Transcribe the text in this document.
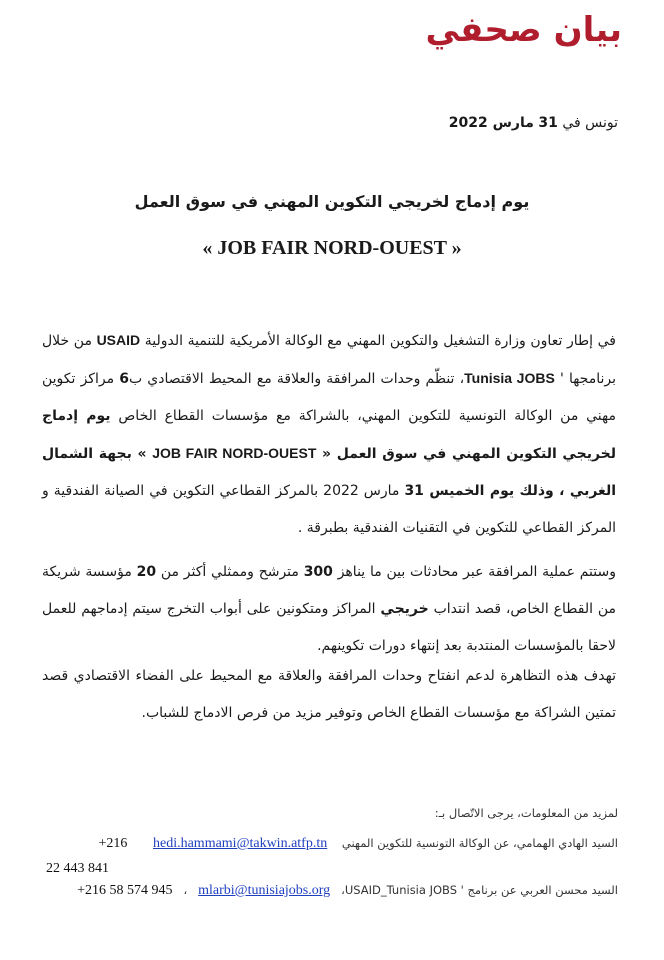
بيان صحفي
تونس في 31 مارس 2022
يوم إدماج لخريجي التكوين المهني في سوق العمل
« JOB FAIR NORD-OUEST »
في إطار تعاون وزارة التشغيل والتكوين المهني مع الوكالة الأمريكية للتنمية الدولية USAID من خلال برنامجها ' Tunisia JOBS، تنظّم وحدات المرافقة والعلاقة مع المحيط الاقتصادي ب6 مراكز تكوين مهني من الوكالة التونسية للتكوين المهني، بالشراكة مع مؤسسات القطاع الخاص يوم إدماج لخريجي التكوين المهني في سوق العمل « JOB FAIR NORD-OUEST » بجهة الشمال الغربي ، وذلك يوم الخميس 31 مارس 2022 بالمركز القطاعي التكوين في الصيانة الفندقية و المركز القطاعي للتكوين في التقنيات الفندقية بطبرقة .
وستتم عملية المرافقة عبر محادثات بين ما يناهز 300 مترشح وممثلي أكثر من 20 مؤسسة شريكة من القطاع الخاص، قصد انتداب خريجي المراكز ومتكونين على أبواب التخرج سيتم إدماجهم للعمل لاحقا بالمؤسسات المنتدبة بعد إنتهاء دورات تكوينهم.
تهدف هذه التظاهرة لدعم انفتاح وحدات المرافقة والعلاقة مع المحيط على الفضاء الاقتصادي قصد تمتين الشراكة مع مؤسسات القطاع الخاص وتوفير مزيد من فرص الادماج للشباب.
لمزيد من المعلومات، يرجى الاتّصال بـ:
السيد الهادي الهمامي، عن الوكالة التونسية للتكوين المهني    hedi.hammami@takwin.atfp.tn       +216
22 443 841
السيد محسن العربي عن برنامج ' USAID_Tunisia JOBS،   mlarbi@tunisiajobs.org   ،   +216 58 574 945
